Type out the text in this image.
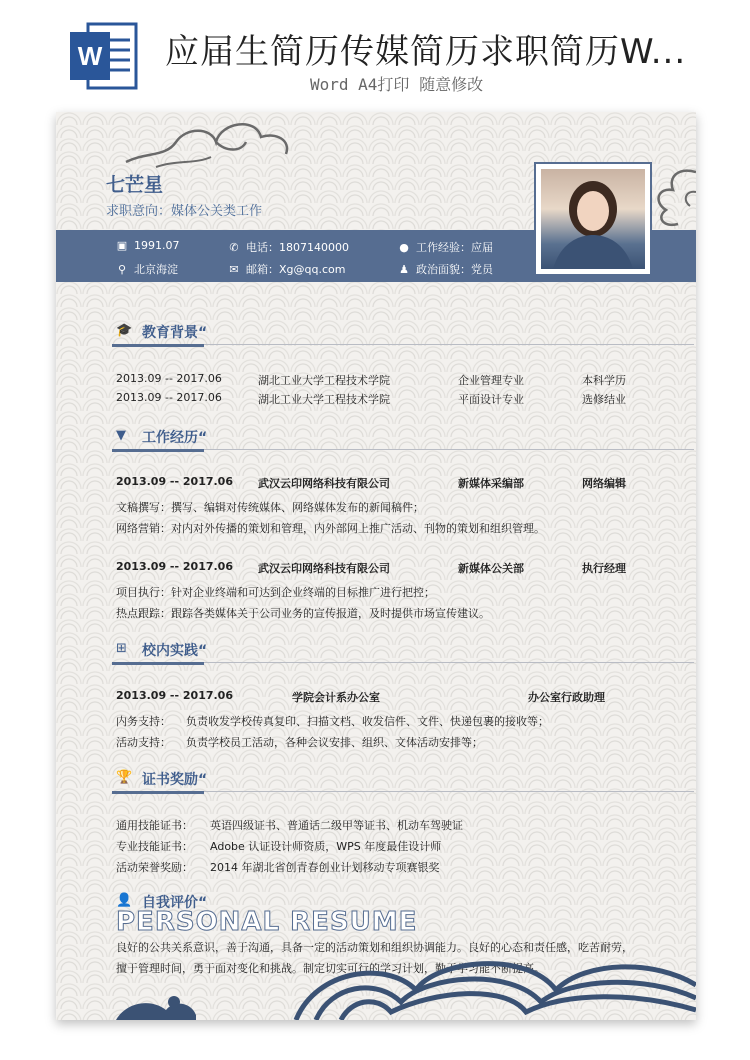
W 应届生简历传媒简历求职简历W...
Word A4打印 随意修改
七芒星
求职意向：媒体公关类工作
▣ 1991.07	✆ 电话：1807140000	● 工作经验：应届
⚲ 北京海淀	✉ 邮箱：Xg@qq.com	♟ 政治面貌：党员
🎓 教育背景“
2013.09 -- 2017.06	湖北工业大学工程技术学院	企业管理专业	本科学历
2013.09 -- 2017.06	湖北工业大学工程技术学院	平面设计专业	选修结业
▼ 工作经历“
2013.09 -- 2017.06 武汉云印网络科技有限公司	新媒体采编部	网络编辑
文稿撰写：撰写、编辑对传统媒体、网络媒体发布的新闻稿件；
网络营销：对内对外传播的策划和管理，内外部网上推广活动、刊物的策划和组织管理。
2013.09 -- 2017.06 武汉云印网络科技有限公司	新媒体公关部	执行经理
项目执行：针对企业终端和可达到企业终端的目标推广进行把控；
热点跟踪：跟踪各类媒体关于公司业务的宣传报道，及时提供市场宣传建议。
⊞ 校内实践“
2013.09 -- 2017.06	学院会计系办公室	办公室行政助理
内务支持： 负责收发学校传真复印、扫描文档、收发信件、文件、快递包裹的接收等；
活动支持： 负责学校员工活动，各种会议安排、组织、文体活动安排等；
🏆 证书奖励“
通用技能证书： 英语四级证书、普通话二级甲等证书、机动车驾驶证
专业技能证书： Adobe 认证设计师资质，WPS 年度最佳设计师
活动荣誉奖励： 2014 年湖北省创青春创业计划移动专项赛银奖
👤 自我评价“
PERSONAL RESUME
良好的公共关系意识，善于沟通，具备一定的活动策划和组织协调能力。良好的心态和责任感，吃苦耐劳，擅于管理时间，勇于面对变化和挑战。制定切实可行的学习计划，勤于学习能不断提高。
